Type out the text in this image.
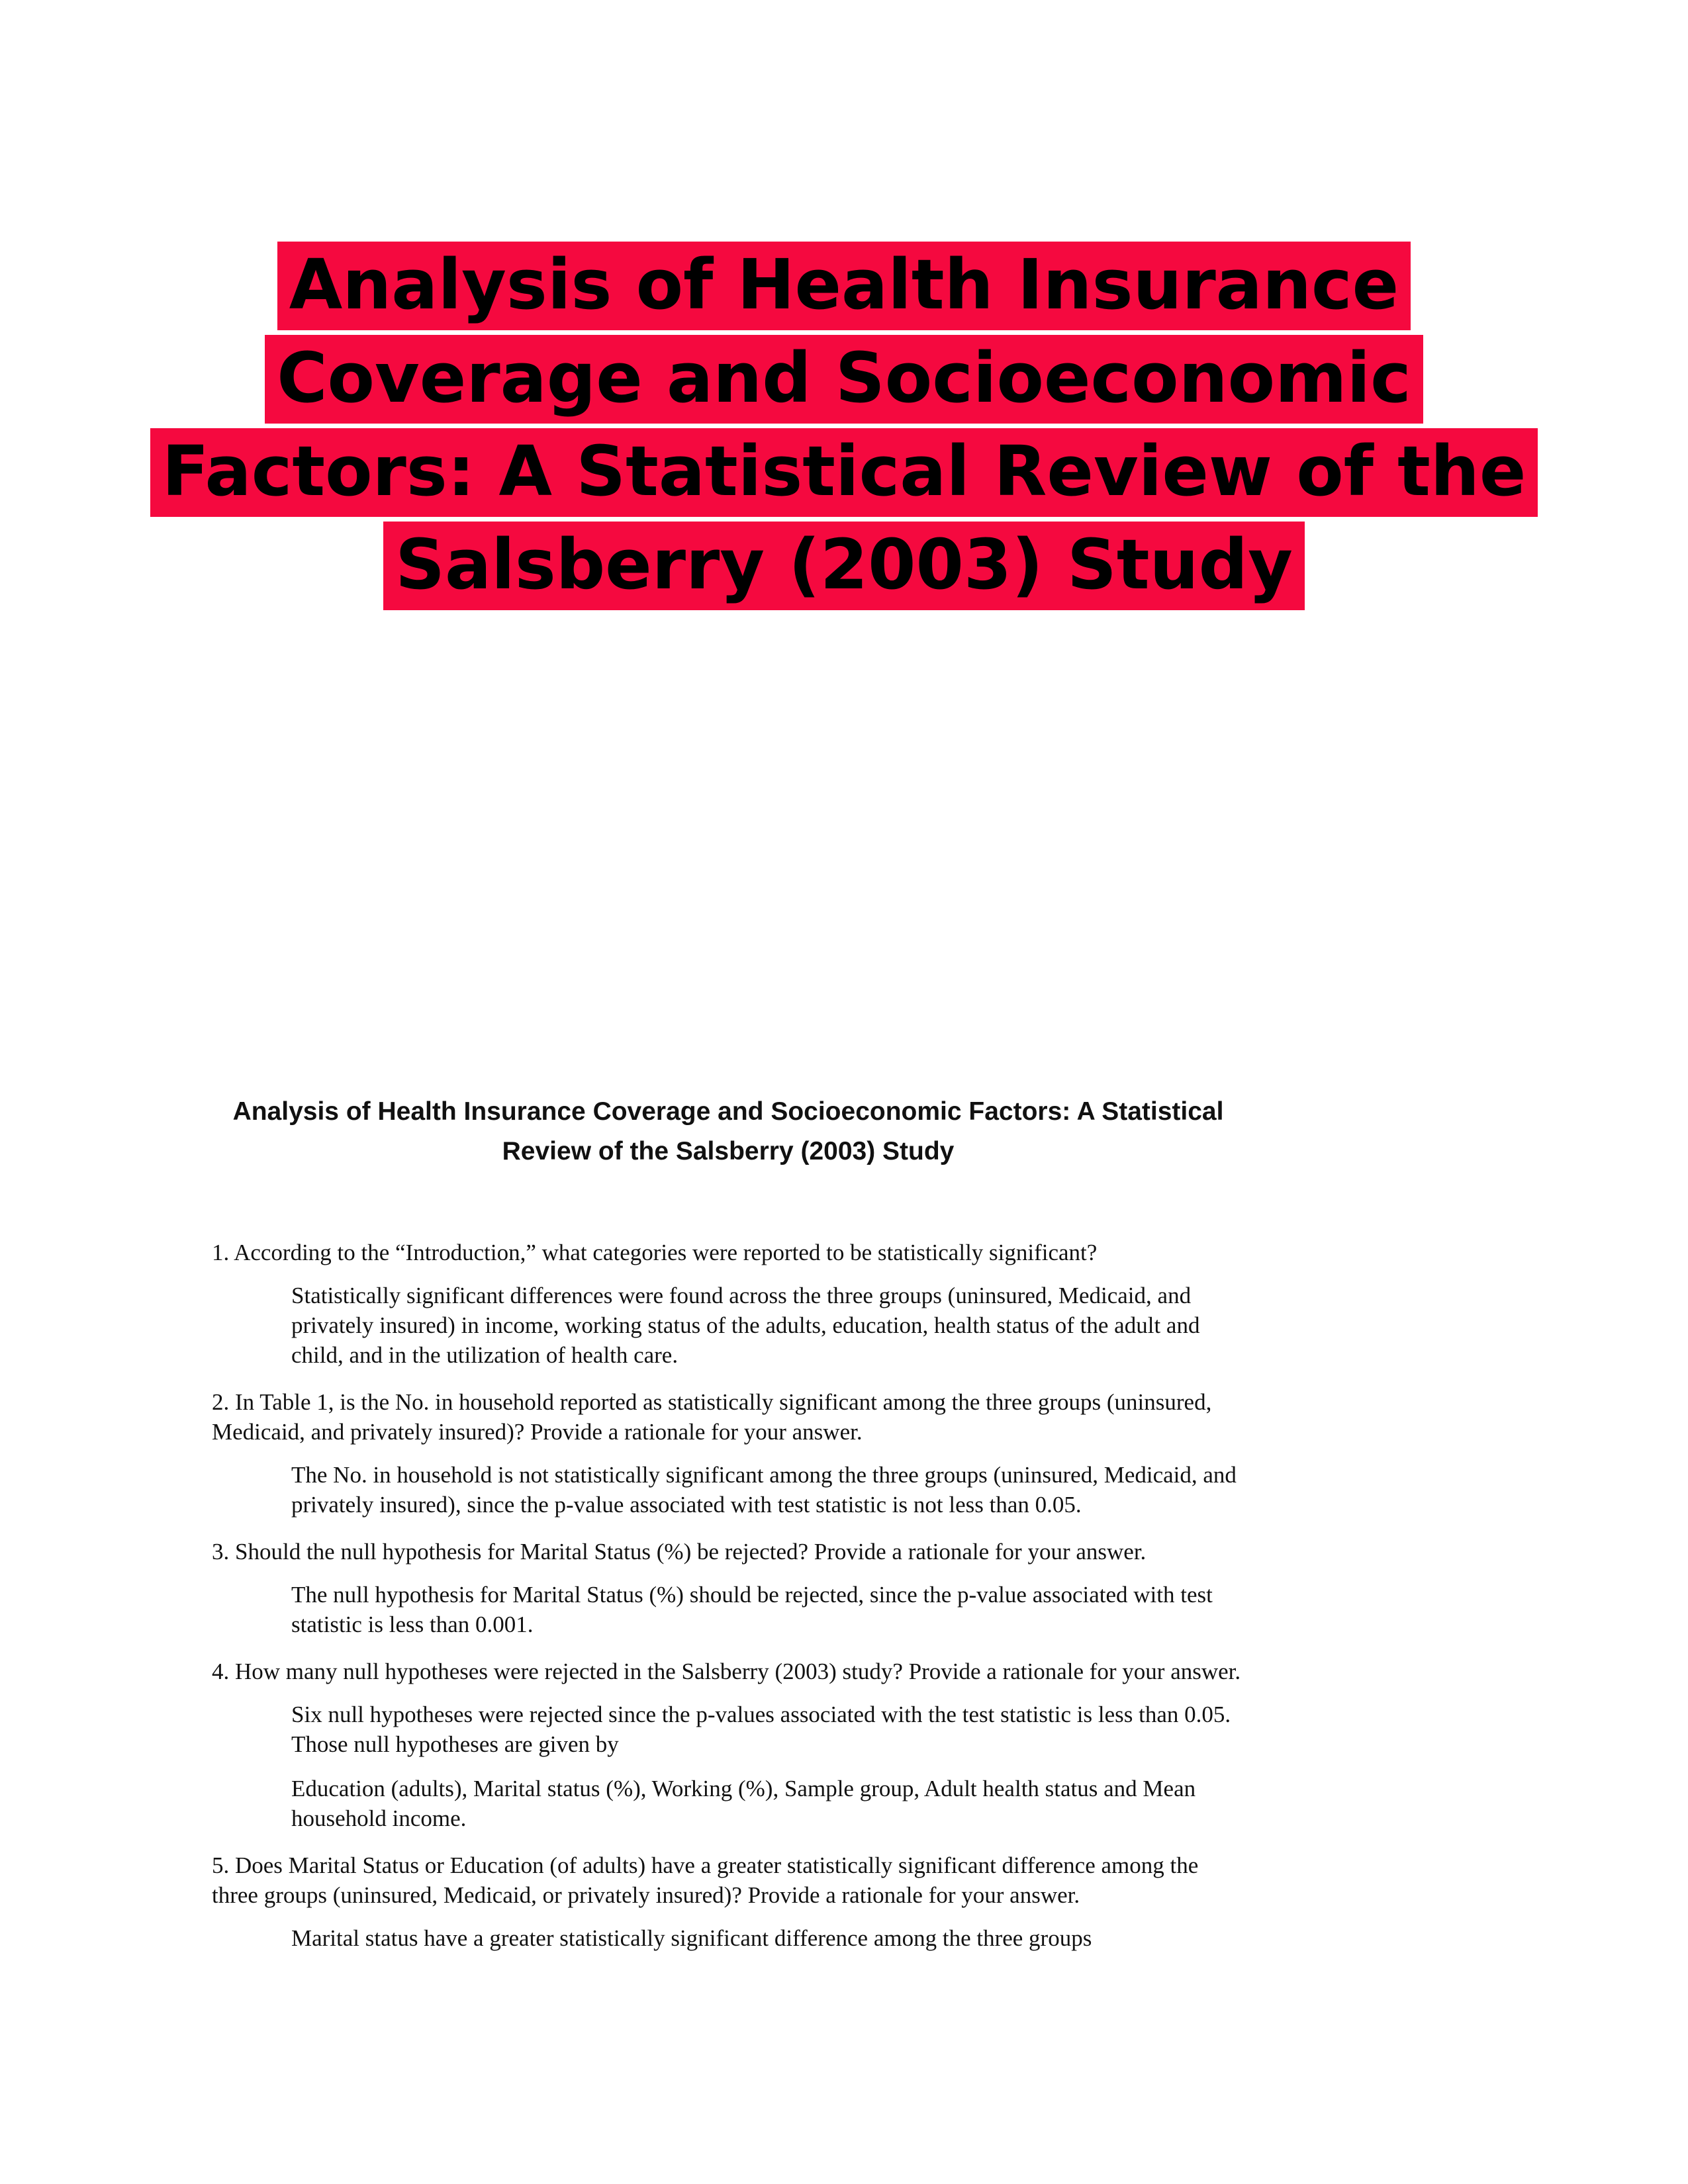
Analysis of Health Insurance
Coverage and Socioeconomic
Factors: A Statistical Review of the
Salsberry (2003) Study
Analysis of Health Insurance Coverage and Socioeconomic Factors: A Statistical
Review of the Salsberry (2003) Study

1. According to the “Introduction,” what categories were reported to be statistically significant?

Statistically significant differences were found across the three groups (uninsured, Medicaid, and privately insured) in income, working status of the adults, education, health status of the adult and child, and in the utilization of health care.

2. In Table 1, is the No. in household reported as statistically significant among the three groups (uninsured, Medicaid, and privately insured)? Provide a rationale for your answer.

The No. in household is not statistically significant among the three groups (uninsured, Medicaid, and privately insured), since the p-value associated with test statistic is not less than 0.05.

3. Should the null hypothesis for Marital Status (%) be rejected? Provide a rationale for your answer.

The null hypothesis for Marital Status (%) should be rejected, since the p-value associated with test statistic is less than 0.001.

4. How many null hypotheses were rejected in the Salsberry (2003) study? Provide a rationale for your answer.

Six null hypotheses were rejected since the p-values associated with the test statistic is less than 0.05. Those null hypotheses are given by

Education (adults), Marital status (%), Working (%), Sample group, Adult health status and Mean household income.

5. Does Marital Status or Education (of adults) have a greater statistically significant difference among the three groups (uninsured, Medicaid, or privately insured)? Provide a rationale for your answer.

Marital status have a greater statistically significant difference among the three groups
